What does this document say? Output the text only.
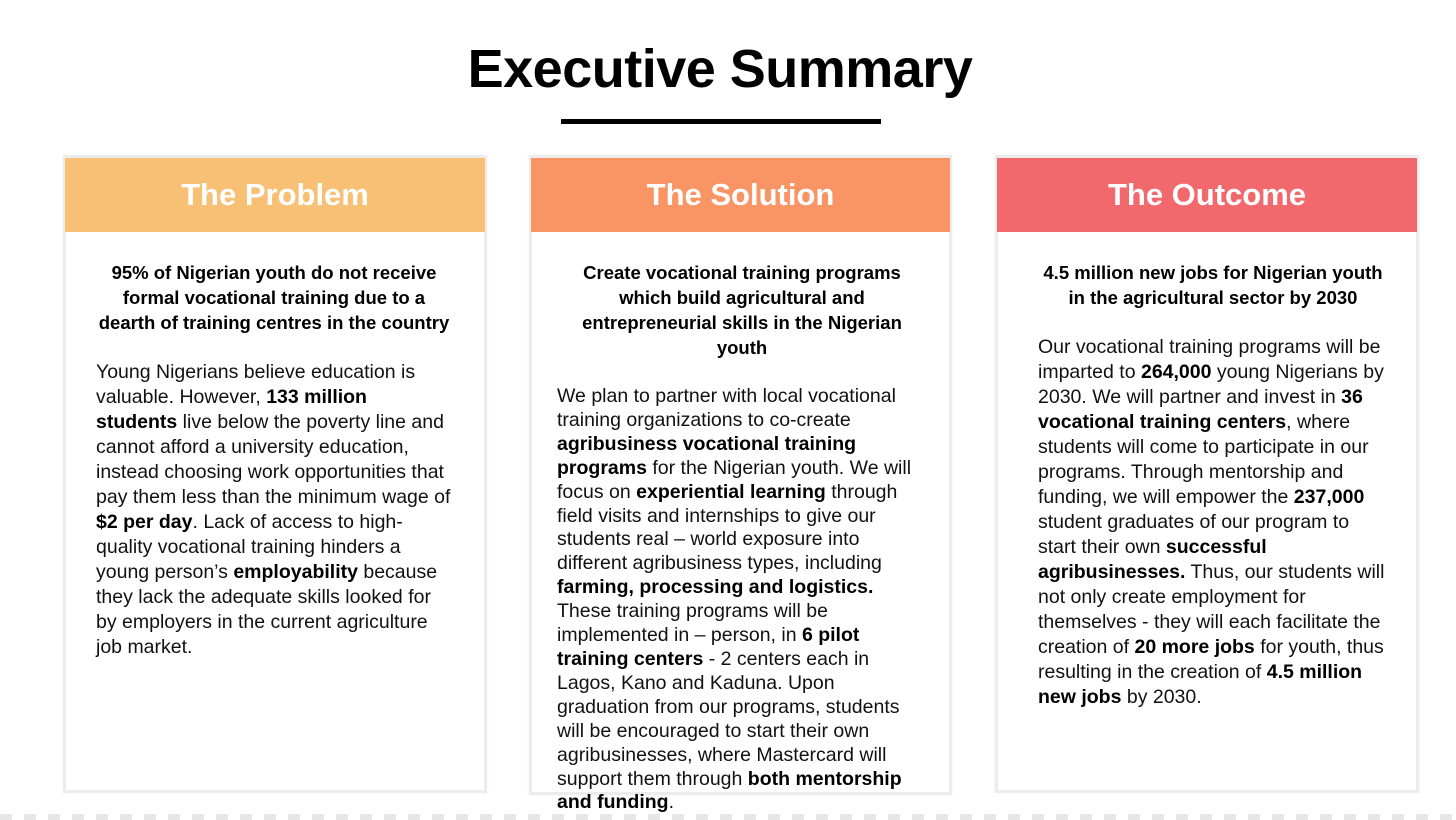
Executive Summary
The Problem

95% of Nigerian youth do not receive formal vocational training due to a dearth of training centres in the country

Young Nigerians believe education is valuable. However, 133 million students live below the poverty line and cannot afford a university education, instead choosing work opportunities that pay them less than the minimum wage of $2 per day. Lack of access to high-quality vocational training hinders a young person’s employability because they lack the adequate skills looked for by employers in the current agriculture job market.

The Solution

Create vocational training programs which build agricultural and entrepreneurial skills in the Nigerian youth

We plan to partner with local vocational training organizations to co-create agribusiness vocational training programs for the Nigerian youth. We will focus on experiential learning through field visits and internships to give our students real – world exposure into different agribusiness types, including farming, processing and logistics. These training programs will be implemented in – person, in 6 pilot training centers - 2 centers each in Lagos, Kano and Kaduna. Upon graduation from our programs, students will be encouraged to start their own agribusinesses, where Mastercard will support them through both mentorship and funding.

The Outcome

4.5 million new jobs for Nigerian youth in the agricultural sector by 2030

Our vocational training programs will be imparted to 264,000 young Nigerians by 2030. We will partner and invest in 36 vocational training centers, where students will come to participate in our programs. Through mentorship and funding, we will empower the 237,000 student graduates of our program to start their own successful agribusinesses. Thus, our students will not only create employment for themselves - they will each facilitate the creation of 20 more jobs for youth, thus resulting in the creation of 4.5 million new jobs by 2030.
